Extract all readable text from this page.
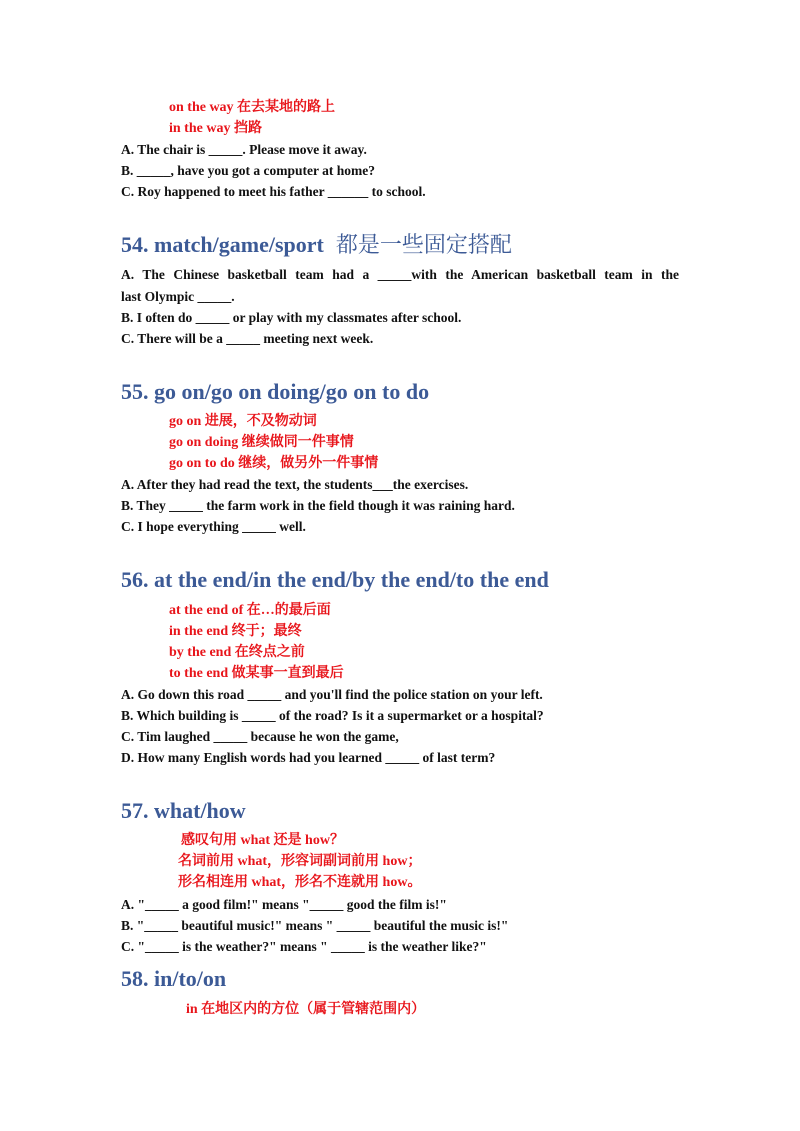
on the way 在去某地的路上
in the way 挡路
A. The chair is _____. Please move it away.
B. _____, have you got a computer at home?
C. Roy happened to meet his father ______ to school.
54. match/game/sport 都是一些固定搭配
A. The Chinese basketball team had a _____with the American basketball team in the
last Olympic _____.
B. I often do _____ or play with my classmates after school.
C. There will be a _____ meeting next week.
55. go on/go on doing/go on to do
go on 进展，不及物动词
go on doing 继续做同一件事情
go on to do 继续，做另外一件事情
A. After they had read the text, the students___the exercises.
B. They _____ the farm work in the field though it was raining hard.
C. I hope everything _____ well.
56. at the end/in the end/by the end/to the end
at the end of 在…的最后面
in the end 终于；最终
by the end 在终点之前
to the end 做某事一直到最后
A. Go down this road _____ and you'll find the police station on your left.
B. Which building is _____ of the road? Is it a supermarket or a hospital?
C. Tim laughed _____ because he won the game,
D. How many English words had you learned _____ of last term?
57. what/how
感叹句用 what 还是 how？
名词前用 what，形容词副词前用 how；
形名相连用 what，形名不连就用 how。
A. "_____ a good film!" means "_____ good the film is!"
B. "_____ beautiful music!" means " _____ beautiful the music is!"
C. "_____ is the weather?" means " _____ is the weather like?"
58. in/to/on
in 在地区内的方位（属于管辖范围内）
